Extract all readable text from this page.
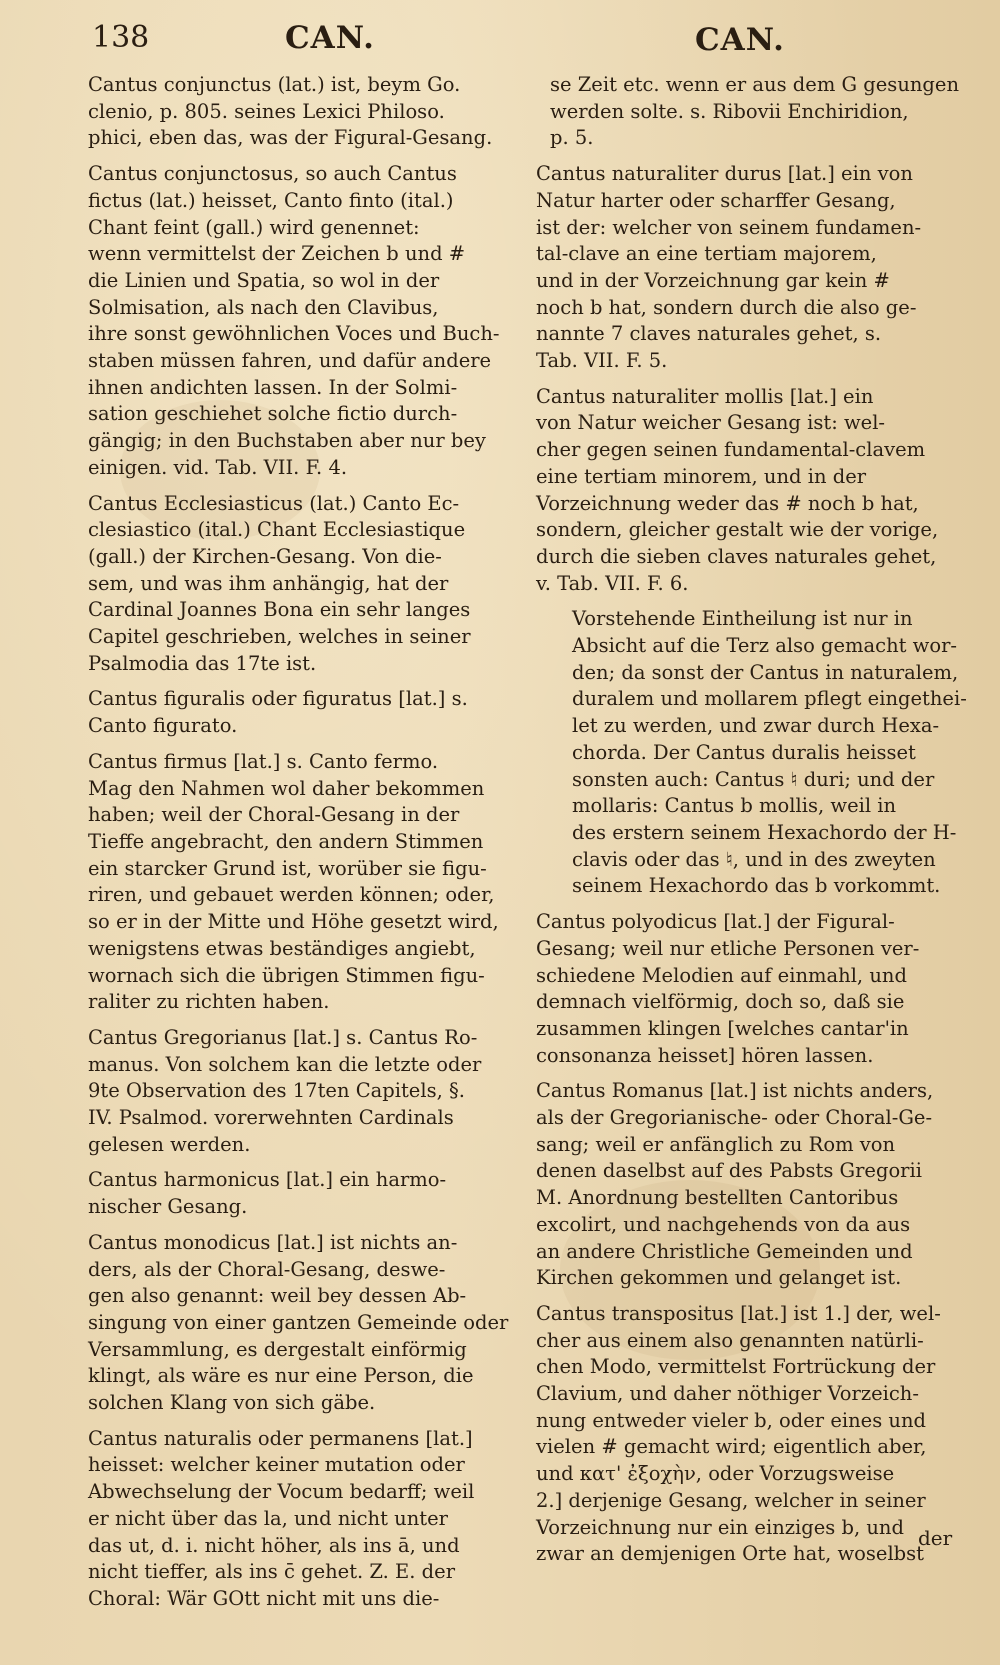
138	CAN.	CAN.
Cantus conjunctus (lat.) ist, beym Go.
clenio, p. 805. seines Lexici Philoso.
phici, eben das, was der Figural-Gesang.
Cantus conjunctosus, so auch Cantus
fictus (lat.) heisset, Canto finto (ital.)
Chant feint (gall.) wird genennet:
wenn vermittelst der Zeichen b und #
die Linien und Spatia, so wol in der
Solmisation, als nach den Clavibus,
ihre sonst gewöhnlichen Voces und Buch-
staben müssen fahren, und dafür andere
ihnen andichten lassen. In der Solmi-
sation geschiehet solche fictio durch-
gängig; in den Buchstaben aber nur bey
einigen. vid. Tab. VII. F. 4.
Cantus Ecclesiasticus (lat.) Canto Ec-
clesiastico (ital.) Chant Ecclesiastique
(gall.) der Kirchen-Gesang. Von die-
sem, und was ihm anhängig, hat der
Cardinal Joannes Bona ein sehr langes
Capitel geschrieben, welches in seiner
Psalmodia das 17te ist.
Cantus figuralis oder figuratus [lat.] s.
Canto figurato.
Cantus firmus [lat.] s. Canto fermo.
Mag den Nahmen wol daher bekommen
haben; weil der Choral-Gesang in der
Tieffe angebracht, den andern Stimmen
ein starcker Grund ist, worüber sie figu-
riren, und gebauet werden können; oder,
so er in der Mitte und Höhe gesetzt wird,
wenigstens etwas beständiges angiebt,
wornach sich die übrigen Stimmen figu-
raliter zu richten haben.
Cantus Gregorianus [lat.] s. Cantus Ro-
manus. Von solchem kan die letzte oder
9te Observation des 17ten Capitels, §.
IV. Psalmod. vorerwehnten Cardinals
gelesen werden.
Cantus harmonicus [lat.] ein harmo-
nischer Gesang.
Cantus monodicus [lat.] ist nichts an-
ders, als der Choral-Gesang, deswe-
gen also genannt: weil bey dessen Ab-
singung von einer gantzen Gemeinde oder
Versammlung, es dergestalt einförmig
klingt, als wäre es nur eine Person, die
solchen Klang von sich gäbe.
Cantus naturalis oder permanens [lat.]
heisset: welcher keiner mutation oder
Abwechselung der Vocum bedarff; weil
er nicht über das la, und nicht unter
das ut, d. i. nicht höher, als ins ā, und
nicht tieffer, als ins c̄ gehet. Z. E. der
Choral: Wär GOtt nicht mit uns die-
se Zeit etc. wenn er aus dem G gesungen
werden solte. s. Ribovii Enchiridion,
p. 5.
Cantus naturaliter durus [lat.] ein von
Natur harter oder scharffer Gesang,
ist der: welcher von seinem fundamen-
tal-clave an eine tertiam majorem,
und in der Vorzeichnung gar kein #
noch b hat, sondern durch die also ge-
nannte 7 claves naturales gehet, s.
Tab. VII. F. 5.
Cantus naturaliter mollis [lat.] ein
von Natur weicher Gesang ist: wel-
cher gegen seinen fundamental-clavem
eine tertiam minorem, und in der
Vorzeichnung weder das # noch b hat,
sondern, gleicher gestalt wie der vorige,
durch die sieben claves naturales gehet,
v. Tab. VII. F. 6.
Vorstehende Eintheilung ist nur in
Absicht auf die Terz also gemacht wor-
den; da sonst der Cantus in naturalem,
duralem und mollarem pflegt eingethei-
let zu werden, und zwar durch Hexa-
chorda. Der Cantus duralis heisset
sonsten auch: Cantus ♮ duri; und der
mollaris: Cantus b mollis, weil in
des erstern seinem Hexachordo der H-
clavis oder das ♮, und in des zweyten
seinem Hexachordo das b vorkommt.
Cantus polyodicus [lat.] der Figural-
Gesang; weil nur etliche Personen ver-
schiedene Melodien auf einmahl, und
demnach vielförmig, doch so, daß sie
zusammen klingen [welches cantar'in
consonanza heisset] hören lassen.
Cantus Romanus [lat.] ist nichts anders,
als der Gregorianische- oder Choral-Ge-
sang; weil er anfänglich zu Rom von
denen daselbst auf des Pabsts Gregorii
M. Anordnung bestellten Cantoribus
excolirt, und nachgehends von da aus
an andere Christliche Gemeinden und
Kirchen gekommen und gelanget ist.
Cantus transpositus [lat.] ist 1.] der, wel-
cher aus einem also genannten natürli-
chen Modo, vermittelst Fortrückung der
Clavium, und daher nöthiger Vorzeich-
nung entweder vieler b, oder eines und
vielen # gemacht wird; eigentlich aber,
und κατ' ἐξοχὴν, oder Vorzugsweise
2.] derjenige Gesang, welcher in seiner
Vorzeichnung nur ein einziges b, und
zwar an demjenigen Orte hat, woselbst
der
